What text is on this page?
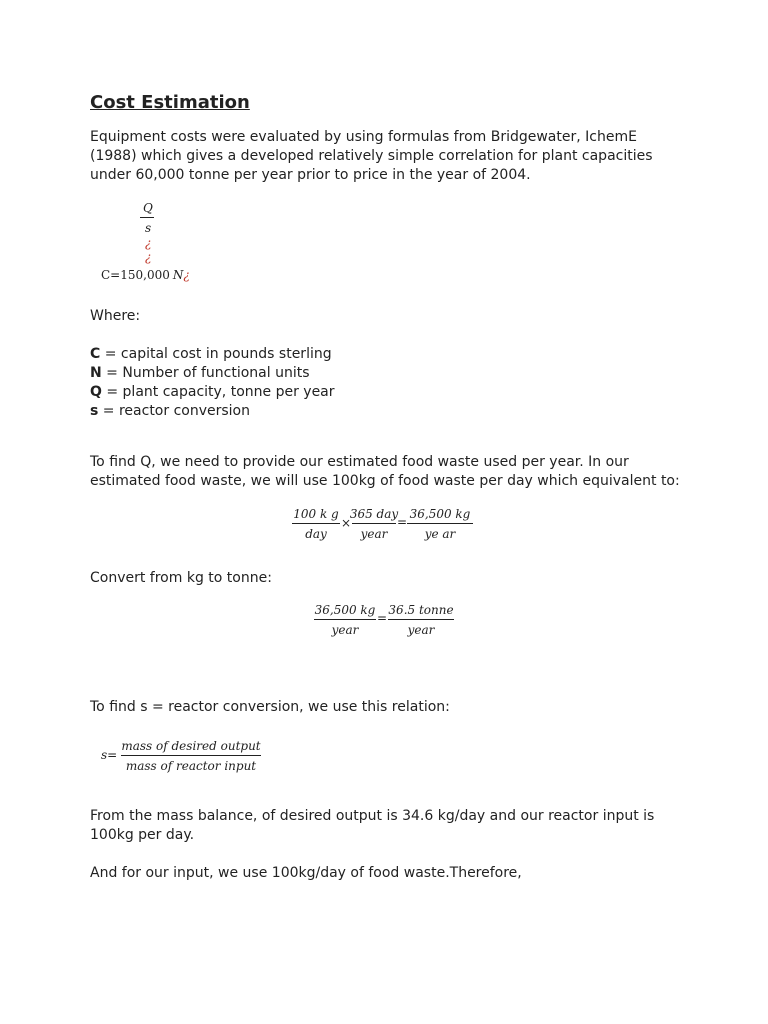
Cost Estimation
Equipment costs were evaluated by using formulas from Bridgewater, IchemE
(1988) which gives a developed relatively simple correlation for plant capacities
under 60,000 tonne per year prior to price in the year of 2004.
Q
s
¿
¿
C=150,000 N¿
Where:
C = capital cost in pounds sterling
N = Number of functional units
Q = plant capacity, tonne per year
s = reactor conversion
To find Q, we need to provide our estimated food waste used per year. In our
estimated food waste, we will use 100kg of food waste per day which equivalent to:
100 k g
day
×
365 day
year
=
36,500 kg
ye ar
Convert from kg to tonne:
36,500 kg
year
=
36.5 tonne
year
To find s = reactor conversion, we use this relation:
s=
mass of desired output
mass of reactor input
From the mass balance, of desired output is 34.6 kg/day and our reactor input is
100kg per day.
And for our input, we use 100kg/day of food waste.Therefore,
